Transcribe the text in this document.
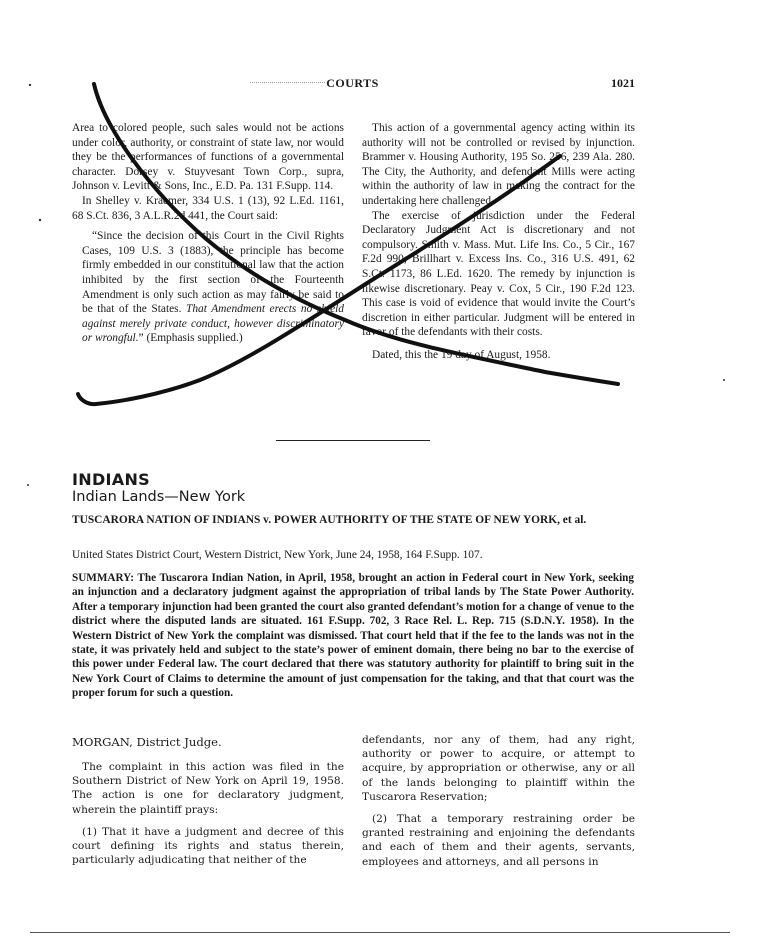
COURTS	1021

Area to colored people, such sales would not be actions under color, authority, or constraint of state law, nor would they be the performances of functions of a governmental character. Dorsey v. Stuyvesant Town Corp., supra, Johnson v. Levitt & Sons, Inc., E.D. Pa. 131 F.Supp. 114.

In Shelley v. Kraemer, 334 U.S. 1 (13), 92 L.Ed. 1161, 68 S.Ct. 836, 3 A.L.R.2d 441, the Court said:

“Since the decision of this Court in the Civil Rights Cases, 109 U.S. 3 (1883), the principle has become firmly embedded in our constitutional law that the action inhibited by the first section of the Fourteenth Amendment is only such action as may fairly be said to be that of the States. That Amendment erects no shield against merely private conduct, however discriminatory or wrongful.” (Emphasis supplied.)

This action of a governmental agency acting within its authority will not be controlled or revised by injunction. Brammer v. Housing Authority, 195 So. 256, 239 Ala. 280. The City, the Authority, and defendant Mills were acting within the authority of law in making the contract for the undertaking here challenged.

The exercise of jurisdiction under the Federal Declaratory Judgment Act is discretionary and not compulsory. Smith v. Mass. Mut. Life Ins. Co., 5 Cir., 167 F.2d 990; Brillhart v. Excess Ins. Co., 316 U.S. 491, 62 S.Ct. 1173, 86 L.Ed. 1620. The remedy by injunction is likewise discretionary. Peay v. Cox, 5 Cir., 190 F.2d 123. This case is void of evidence that would invite the Court’s discretion in either particular. Judgment will be entered in favor of the defendants with their costs.

Dated, this the 19 day of August, 1958.

INDIANS
Indian Lands—New York
TUSCARORA NATION OF INDIANS v. POWER AUTHORITY OF THE STATE OF NEW YORK, et al.
United States District Court, Western District, New York, June 24, 1958, 164 F.Supp. 107.
SUMMARY: The Tuscarora Indian Nation, in April, 1958, brought an action in Federal court in New York, seeking an injunction and a declaratory judgment against the appropriation of tribal lands by The State Power Authority. After a temporary injunction had been granted the court also granted defendant’s motion for a change of venue to the district where the disputed lands are situated. 161 F.Supp. 702, 3 Race Rel. L. Rep. 715 (S.D.N.Y. 1958). In the Western District of New York the complaint was dismissed. That court held that if the fee to the lands was not in the state, it was privately held and subject to the state’s power of eminent domain, there being no bar to the exercise of this power under Federal law. The court declared that there was statutory authority for plaintiff to bring suit in the New York Court of Claims to determine the amount of just compensation for the taking, and that that court was the proper forum for such a question.
MORGAN, District Judge.

The complaint in this action was filed in the Southern District of New York on April 19, 1958. The action is one for declaratory judgment, wherein the plaintiff prays:

(1) That it have a judgment and decree of this court defining its rights and status therein, particularly adjudicating that neither of the

defendants, nor any of them, had any right, authority or power to acquire, or attempt to acquire, by appropriation or otherwise, any or all of the lands belonging to plaintiff within the Tuscarora Reservation;

(2) That a temporary restraining order be granted restraining and enjoining the defendants and each of them and their agents, servants, employees and attorneys, and all persons in
